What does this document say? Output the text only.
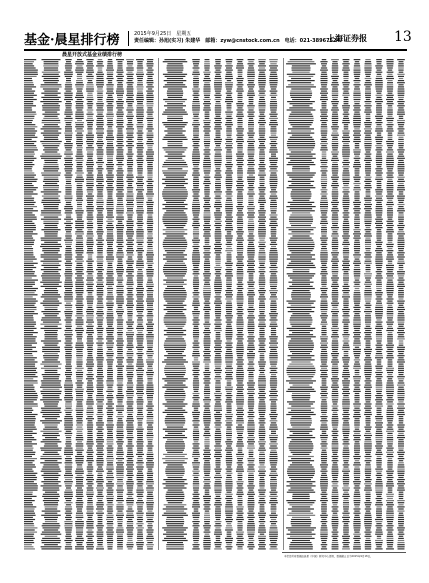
基金·晨星排行榜	2015年9月25日　星期五
责任编辑：孙旭(实习) 朱建华　邮箱：zyw@cnstock.com.cn　电话：021-38967524
上海证券报 13
晨星开放式基金业绩排行榜
本栏目所有数据由晨星（中国）研究中心提供，数据截止日为2015年9月18日。
